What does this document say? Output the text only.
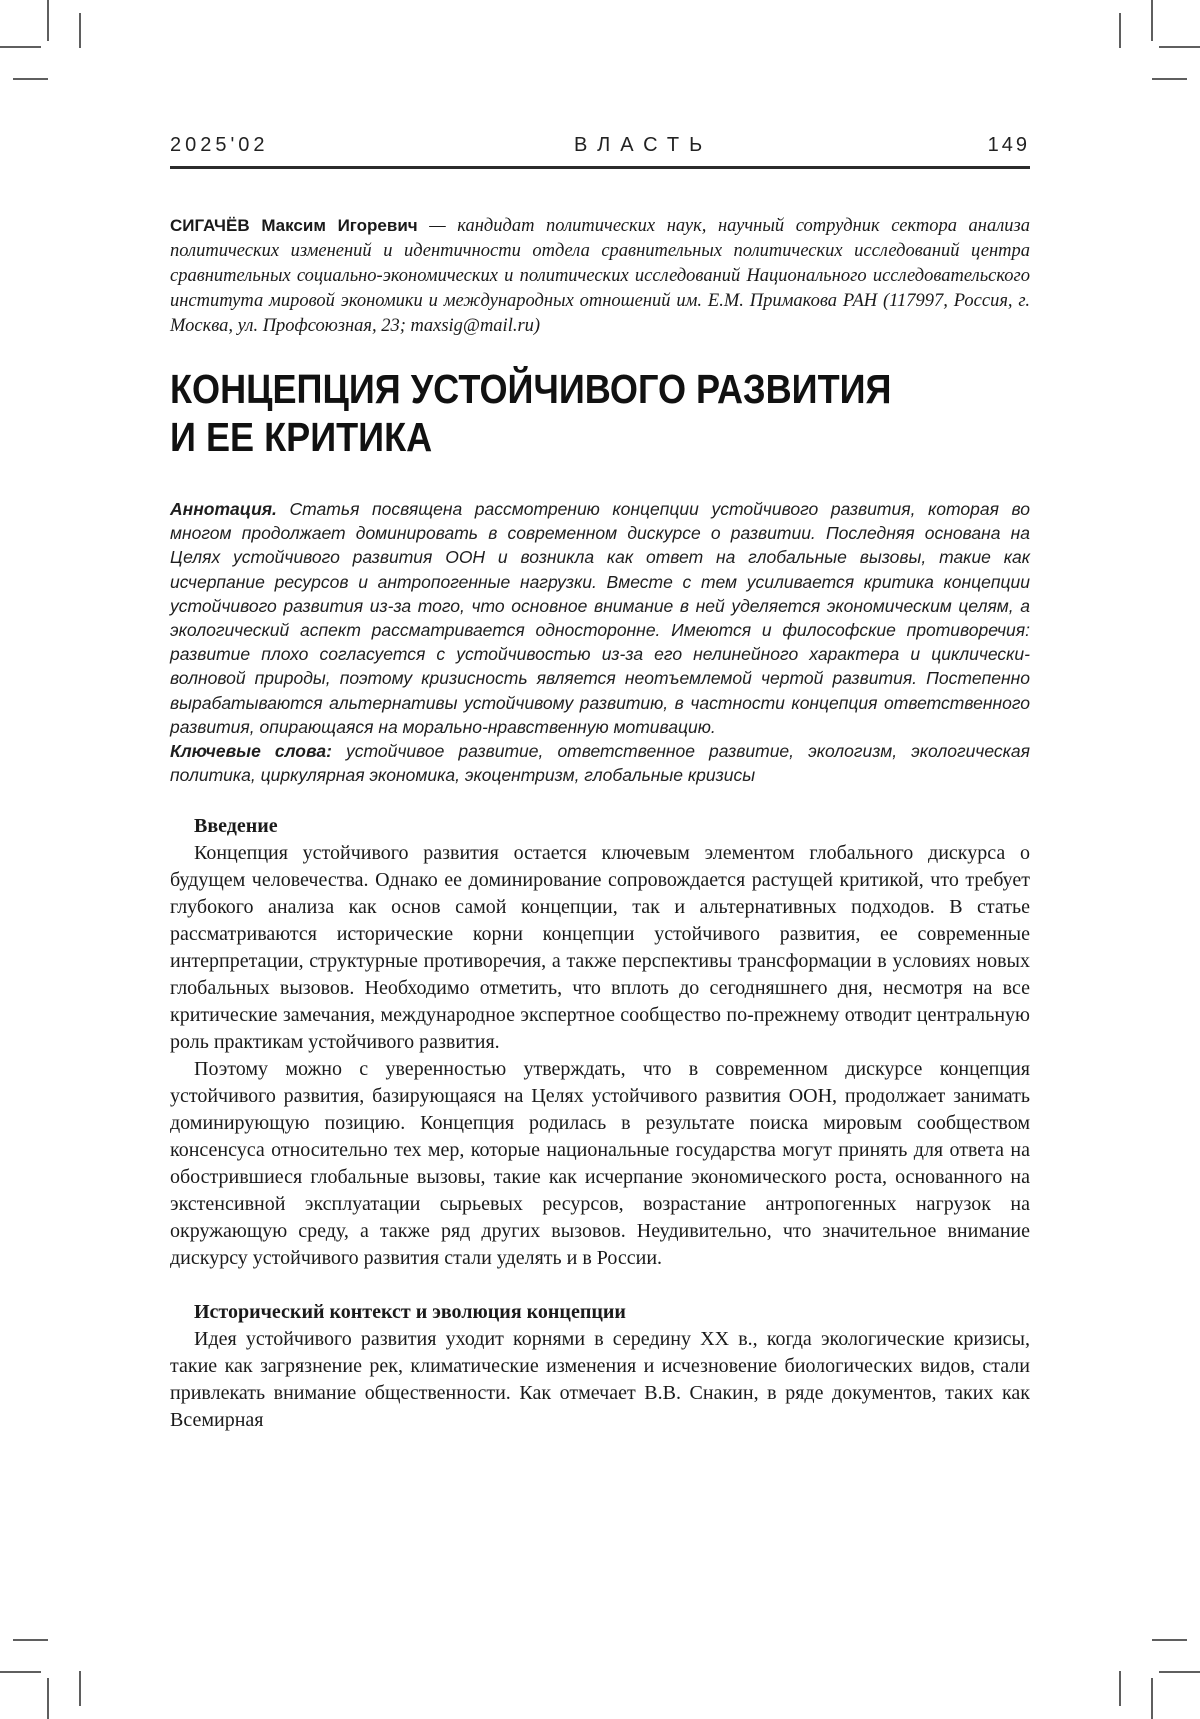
2025'02	ВЛАСТЬ	149

СИГАЧЁВ Максим Игоревич — кандидат политических наук, научный сотрудник сектора анализа политических изменений и идентичности отдела сравнительных политических исследований центра сравнительных социально-экономических и политических исследований Национального исследовательского института мировой экономики и международных отношений им. Е.М. Примакова РАН (117997, Россия, г. Москва, ул. Профсоюзная, 23; maxsig@mail.ru)

КОНЦЕПЦИЯ УСТОЙЧИВОГО РАЗВИТИЯ
И ЕЕ КРИТИКА

Аннотация. Статья посвящена рассмотрению концепции устойчивого развития, которая во многом продолжает доминировать в современном дискурсе о развитии. Последняя основана на Целях устойчивого развития ООН и возникла как ответ на глобальные вызовы, такие как исчерпание ресурсов и антропогенные нагрузки. Вместе с тем усиливается критика концепции устойчивого развития из-за того, что основное внимание в ней уделяется экономическим целям, а экологический аспект рассматривается односторонне. Имеются и философские противоречия: развитие плохо согласуется с устойчивостью из-за его нелинейного характера и циклически-волновой природы, поэтому кризисность является неотъемлемой чертой развития. Постепенно вырабатываются альтернативы устойчивому развитию, в частности концепция ответственного развития, опирающаяся на морально-нравственную мотивацию.

Ключевые слова: устойчивое развитие, ответственное развитие, экологизм, экологическая политика, циркулярная экономика, экоцентризм, глобальные кризисы

Введение

Концепция устойчивого развития остается ключевым элементом глобального дискурса о будущем человечества. Однако ее доминирование сопровождается растущей критикой, что требует глубокого анализа как основ самой концепции, так и альтернативных подходов. В статье рассматриваются исторические корни концепции устойчивого развития, ее современные интерпретации, структурные противоречия, а также перспективы трансформации в условиях новых глобальных вызовов. Необходимо отметить, что вплоть до сегодняшнего дня, несмотря на все критические замечания, международное экспертное сообщество по-прежнему отводит центральную роль практикам устойчивого развития.

Поэтому можно с уверенностью утверждать, что в современном дискурсе концепция устойчивого развития, базирующаяся на Целях устойчивого развития ООН, продолжает занимать доминирующую позицию. Концепция родилась в результате поиска мировым сообществом консенсуса относительно тех мер, которые национальные государства могут принять для ответа на обострившиеся глобальные вызовы, такие как исчерпание экономического роста, основанного на экстенсивной эксплуатации сырьевых ресурсов, возрастание антропогенных нагрузок на окружающую среду, а также ряд других вызовов. Неудивительно, что значительное внимание дискурсу устойчивого развития стали уделять и в России.

Исторический контекст и эволюция концепции

Идея устойчивого развития уходит корнями в середину XX в., когда экологические кризисы, такие как загрязнение рек, климатические изменения и исчезновение биологических видов, стали привлекать внимание общественности. Как отмечает В.В. Снакин, в ряде документов, таких как Всемирная
